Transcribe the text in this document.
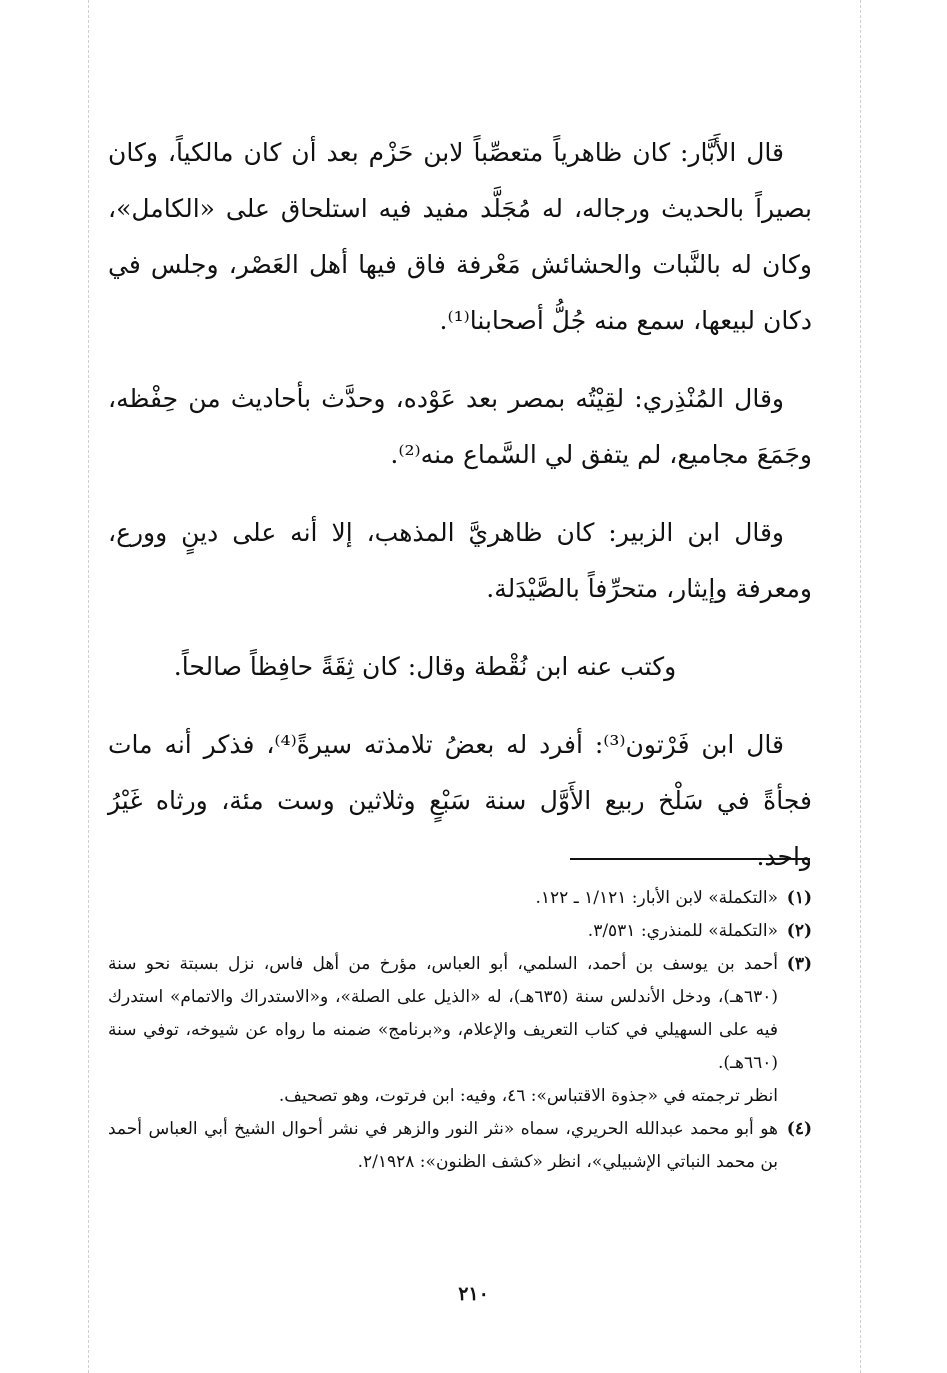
قال الأَبَّار: كان ظاهرياً متعصِّباً لابن حَزْم بعد أن كان مالكياً، وكان بصيراً بالحديث ورجاله، له مُجَلَّد مفيد فيه استلحاق على «الكامل»، وكان له بالنَّبات والحشائش مَعْرفة فاق فيها أهل العَصْر، وجلس في دكان لبيعها، سمع منه جُلُّ أصحابنا⁽¹⁾.

وقال المُنْذِري: لقِيْتُه بمصر بعد عَوْده، وحدَّث بأحاديث من حِفْظه، وجَمَعَ مجاميع، لم يتفق لي السَّماع منه⁽²⁾.

وقال ابن الزبير: كان ظاهريَّ المذهب، إلا أنه على دينٍ وورع، ومعرفة وإيثار، متحرِّفاً بالصَّيْدَلة.

وكتب عنه ابن نُقْطة وقال: كان ثِقَةً حافِظاً صالحاً.

قال ابن فَرْتون⁽³⁾: أفرد له بعضُ تلامذته سيرةً⁽⁴⁾، فذكر أنه مات فجأةً في سَلْخ ربيع الأَوَّل سنة سَبْعٍ وثلاثين وست مئة، ورثاه غَيْرُ واحد.

(١)
«التكملة» لابن الأبار: ١/١٢١ ـ ١٢٢.
(٢)
«التكملة» للمنذري: ٣/٥٣١.
(٣)
أحمد بن يوسف بن أحمد، السلمي، أبو العباس، مؤرخ من أهل فاس، نزل بسبتة نحو سنة (٦٣٠هـ)، ودخل الأندلس سنة (٦٣٥هـ)، له «الذيل على الصلة»، و«الاستدراك والاتمام» استدرك فيه على السهيلي في كتاب التعريف والإعلام، و«برنامج» ضمنه ما رواه عن شيوخه، توفي سنة (٦٦٠هـ).
انظر ترجمته في «جذوة الاقتباس»: ٤٦، وفيه: ابن فرتوت، وهو تصحيف.
(٤)
هو أبو محمد عبدالله الحريري، سماه «نثر النور والزهر في نشر أحوال الشيخ أبي العباس أحمد بن محمد النباتي الإشبيلي»، انظر «كشف الظنون»: ٢/١٩٢٨.
٢١٠
